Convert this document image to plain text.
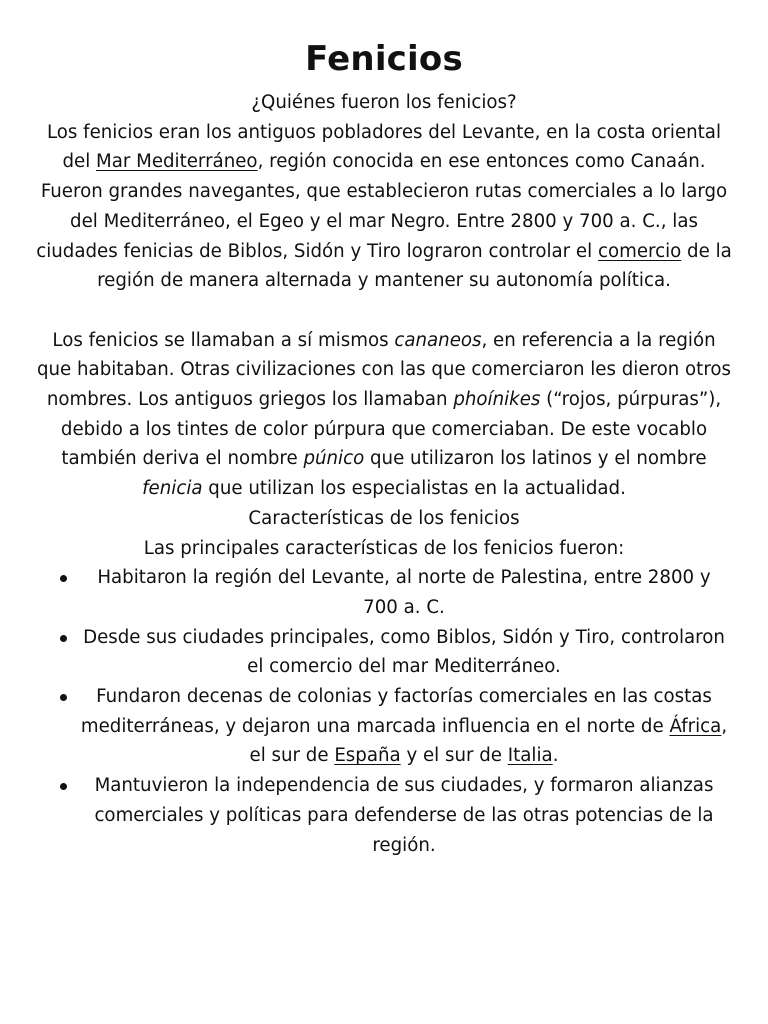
Fenicios

¿Quiénes fueron los fenicios?

Los fenicios eran los antiguos pobladores del Levante, en la costa oriental del Mar Mediterráneo, región conocida en ese entonces como Canaán. Fueron grandes navegantes, que establecieron rutas comerciales a lo largo del Mediterráneo, el Egeo y el mar Negro. Entre 2800 y 700 a. C., las ciudades fenicias de Biblos, Sidón y Tiro lograron controlar el comercio de la región de manera alternada y mantener su autonomía política.

Los fenicios se llamaban a sí mismos cananeos, en referencia a la región que habitaban. Otras civilizaciones con las que comerciaron les dieron otros nombres. Los antiguos griegos los llamaban phoínikes (“rojos, púrpuras”), debido a los tintes de color púrpura que comerciaban. De este vocablo también deriva el nombre púnico que utilizaron los latinos y el nombre fenicia que utilizan los especialistas en la actualidad.

Características de los fenicios

Las principales características de los fenicios fueron:

Habitaron la región del Levante, al norte de Palestina, entre 2800 y 700 a. C.
Desde sus ciudades principales, como Biblos, Sidón y Tiro, controlaron el comercio del mar Mediterráneo.
Fundaron decenas de colonias y factorías comerciales en las costas mediterráneas, y dejaron una marcada influencia en el norte de África, el sur de España y el sur de Italia.
Mantuvieron la independencia de sus ciudades, y formaron alianzas comerciales y políticas para defenderse de las otras potencias de la región.
